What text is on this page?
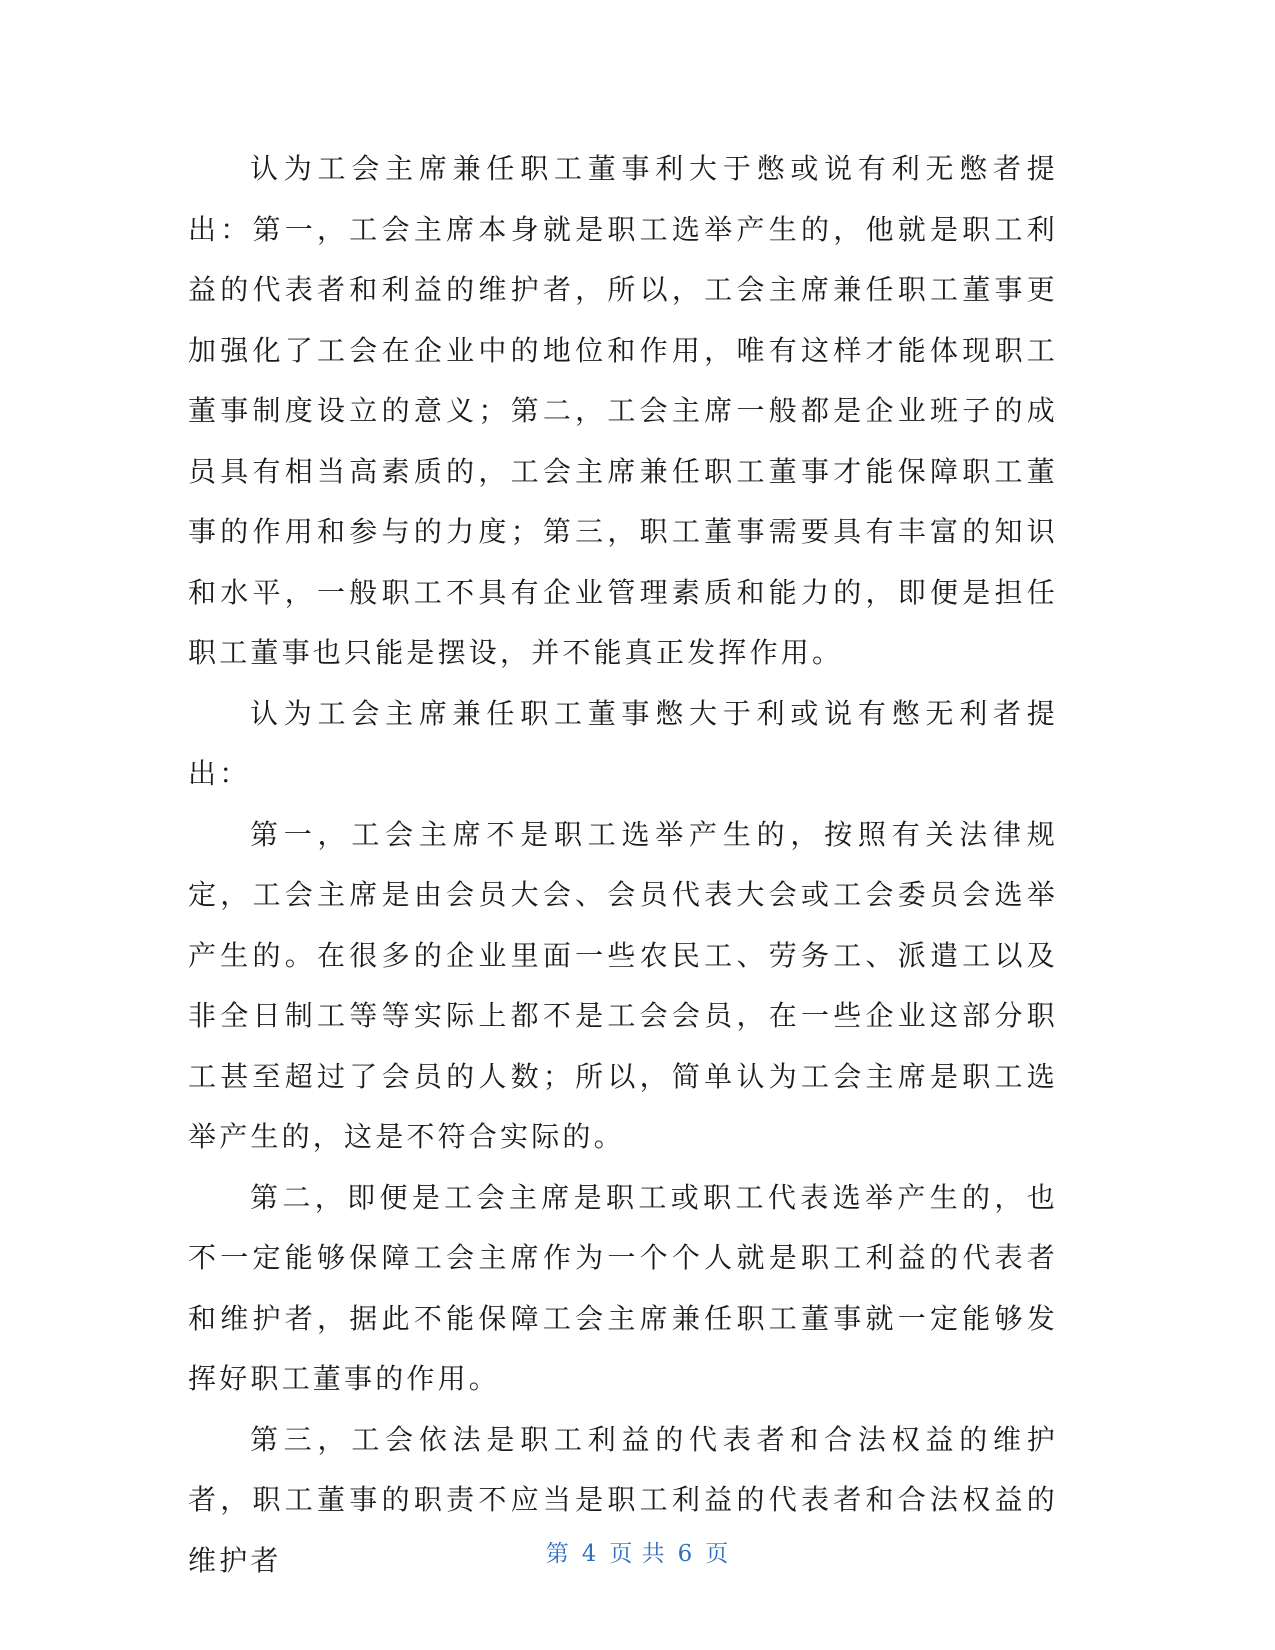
认为工会主席兼任职工董事利大于憋或说有利无憋者提出：第一，工会主席本身就是职工选举产生的，他就是职工利益的代表者和利益的维护者，所以，工会主席兼任职工董事更加强化了工会在企业中的地位和作用，唯有这样才能体现职工董事制度设立的意义；第二，工会主席一般都是企业班子的成员具有相当高素质的，工会主席兼任职工董事才能保障职工董事的作用和参与的力度；第三，职工董事需要具有丰富的知识和水平，一般职工不具有企业管理素质和能力的，即便是担任职工董事也只能是摆设，并不能真正发挥作用。

认为工会主席兼任职工董事憋大于利或说有憋无利者提出：

第一，工会主席不是职工选举产生的，按照有关法律规定，工会主席是由会员大会、会员代表大会或工会委员会选举产生的。在很多的企业里面一些农民工、劳务工、派遣工以及非全日制工等等实际上都不是工会会员，在一些企业这部分职工甚至超过了会员的人数；所以，简单认为工会主席是职工选举产生的，这是不符合实际的。

第二，即便是工会主席是职工或职工代表选举产生的，也不一定能够保障工会主席作为一个个人就是职工利益的代表者和维护者，据此不能保障工会主席兼任职工董事就一定能够发挥好职工董事的作用。

第三，工会依法是职工利益的代表者和合法权益的维护者，职工董事的职责不应当是职工利益的代表者和合法权益的维护者	第 4 页 共 6 页
